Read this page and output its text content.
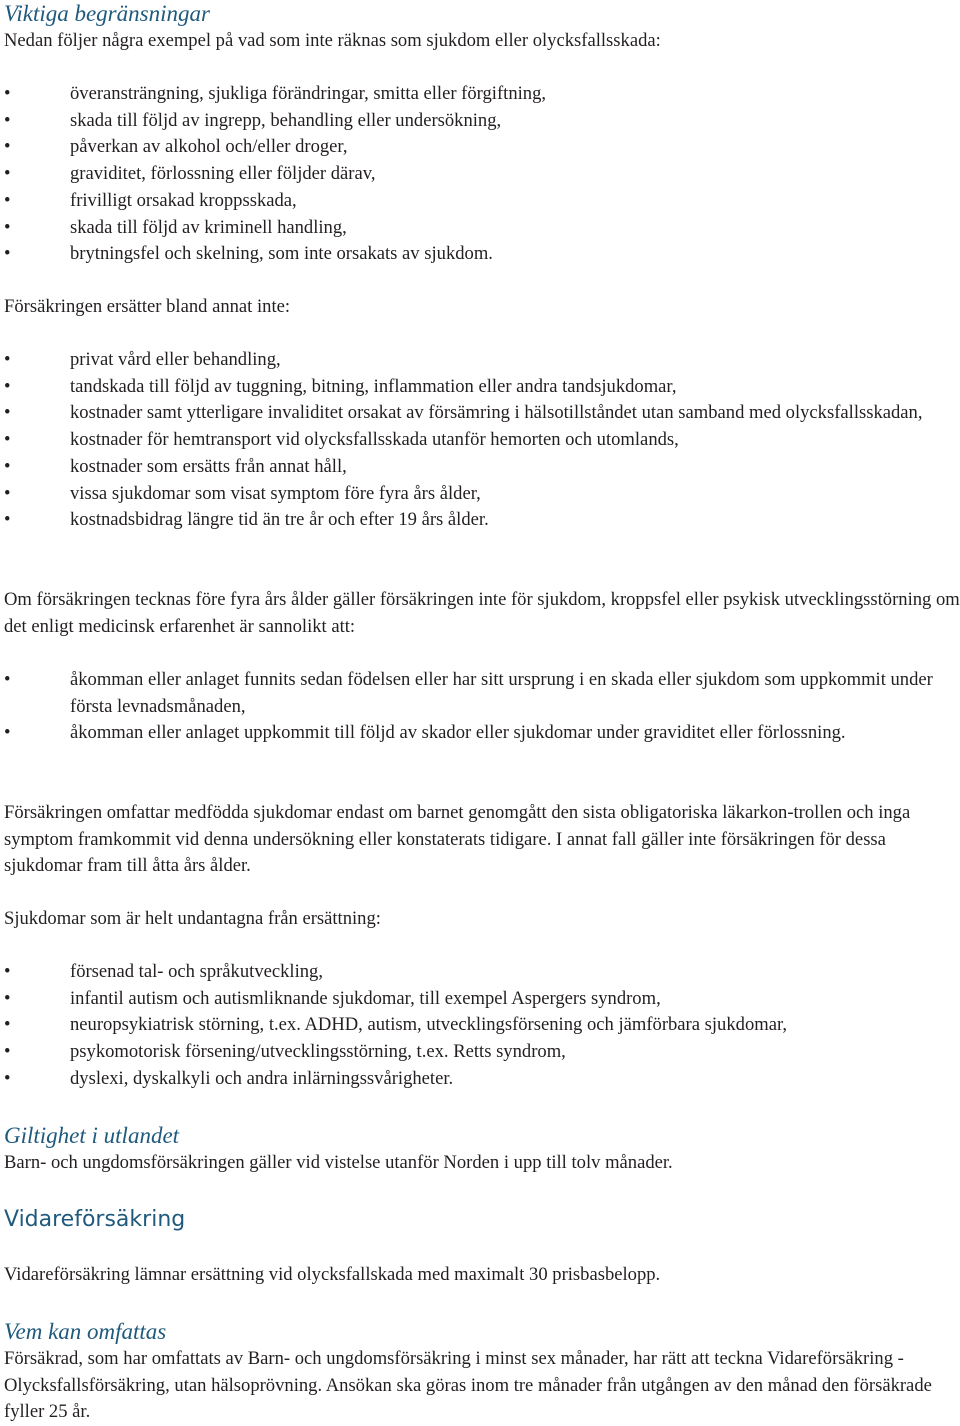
Viktiga begränsningar

Nedan följer några exempel på vad som inte räknas som sjukdom eller olycksfallsskada:

•	överansträngning, sjukliga förändringar, smitta eller förgiftning,
•	skada till följd av ingrepp, behandling eller undersökning,
•	påverkan av alkohol och/eller droger,
•	graviditet, förlossning eller följder därav,
•	frivilligt orsakad kroppsskada,
•	skada till följd av kriminell handling,
•	brytningsfel och skelning, som inte orsakats av sjukdom.

Försäkringen ersätter bland annat inte:

•	privat vård eller behandling,
•	tandskada till följd av tuggning, bitning, inflammation eller andra tandsjukdomar,
•	kostnader samt ytterligare invaliditet orsakat av försämring i hälsotillståndet utan samband med olycksfallsskadan,
•	kostnader för hemtransport vid olycksfallsskada utanför hemorten och utomlands,
•	kostnader som ersätts från annat håll,
•	vissa sjukdomar som visat symptom före fyra års ålder,
•	kostnadsbidrag längre tid än tre år och efter 19 års ålder.

Om försäkringen tecknas före fyra års ålder gäller försäkringen inte för sjukdom, kroppsfel eller psykisk utvecklingsstörning om det enligt medicinsk erfarenhet är sannolikt att:

•	åkomman eller anlaget funnits sedan födelsen eller har sitt ursprung i en skada eller sjukdom som uppkommit under första levnadsmånaden,
•	åkomman eller anlaget uppkommit till följd av skador eller sjukdomar under graviditet eller förlossning.

Försäkringen omfattar medfödda sjukdomar endast om barnet genomgått den sista obligatoriska läkarkon-trollen och inga symptom framkommit vid denna undersökning eller konstaterats tidigare. I annat fall gäller inte försäkringen för dessa sjukdomar fram till åtta års ålder.

Sjukdomar som är helt undantagna från ersättning:

•	försenad tal- och språkutveckling,
•	infantil autism och autismliknande sjukdomar, till exempel Aspergers syndrom,
•	neuropsykiatrisk störning, t.ex. ADHD, autism, utvecklingsförsening och jämförbara sjukdomar,
•	psykomotorisk försening/utvecklingsstörning, t.ex. Retts syndrom,
•	dyslexi, dyskalkyli och andra inlärningssvårigheter.
Giltighet i utlandet

Barn- och ungdomsförsäkringen gäller vid vistelse utanför Norden i upp till tolv månader.

Vidareförsäkring

Vidareförsäkring lämnar ersättning vid olycksfallskada med maximalt 30 prisbasbelopp.

Vem kan omfattas

Försäkrad, som har omfattats av Barn- och ungdomsförsäkring i minst sex månader, har rätt att teckna Vidareförsäkring - Olycksfallsförsäkring, utan hälsoprövning. Ansökan ska göras inom tre månader från utgången av den månad den försäkrade fyller 25 år.
